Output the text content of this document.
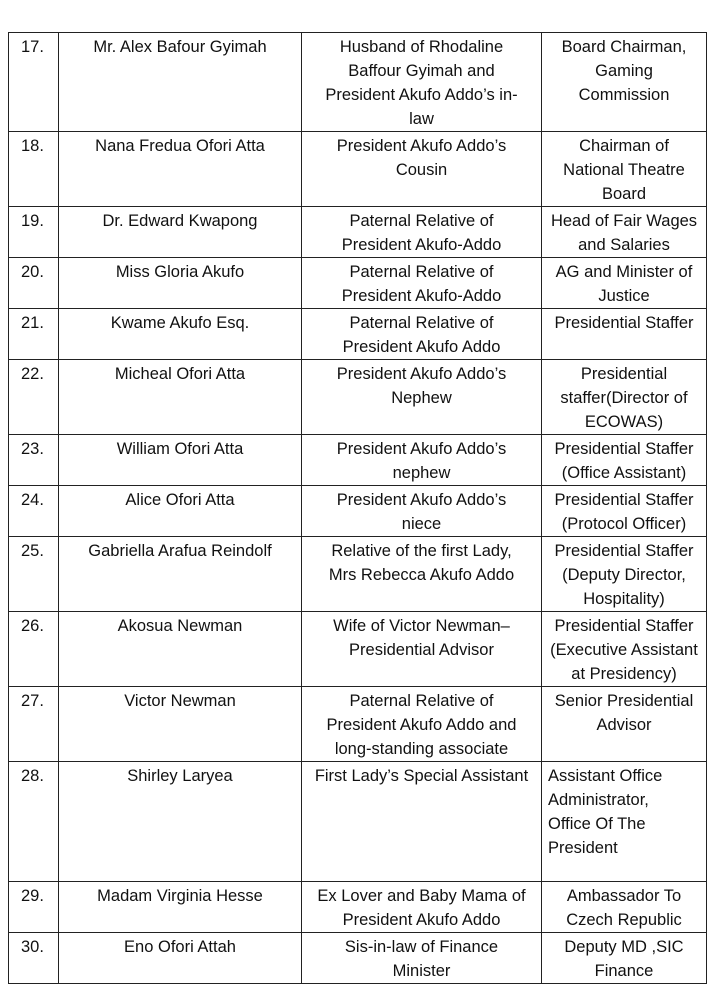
17.	Mr. Alex Bafour Gyimah	Husband of Rhodaline
Baffour Gyimah and
President Akufo Addo’s in-
law	Board Chairman,
Gaming
Commission
18.	Nana Fredua Ofori Atta	President Akufo Addo’s
Cousin	Chairman of
National Theatre
Board
19.	Dr. Edward Kwapong	Paternal Relative of
President Akufo-Addo	Head of Fair Wages
and Salaries
20.	Miss Gloria Akufo	Paternal Relative of
President Akufo-Addo	AG and Minister of
Justice
21.	Kwame Akufo Esq.	Paternal Relative of
President Akufo Addo	Presidential Staffer
22.	Micheal Ofori Atta	President Akufo Addo’s
Nephew	Presidential
staffer(Director of
ECOWAS)
23.	William Ofori Atta	President Akufo Addo’s
nephew	Presidential Staffer
(Office Assistant)
24.	Alice Ofori Atta	President Akufo Addo’s
niece	Presidential Staffer
(Protocol Officer)
25.	Gabriella Arafua Reindolf	Relative of the first Lady,
Mrs Rebecca Akufo Addo	Presidential Staffer
(Deputy Director,
Hospitality)
26.	Akosua Newman	Wife of Victor Newman–
Presidential Advisor	Presidential Staffer
(Executive Assistant
at Presidency)
27.	Victor Newman	Paternal Relative of
President Akufo Addo and
long-standing associate	Senior Presidential
Advisor
28.	Shirley Laryea	First Lady’s Special Assistant	Assistant Office
Administrator,
Office Of The
President
29.	Madam Virginia Hesse	Ex Lover and Baby Mama of
President Akufo Addo	Ambassador To
Czech Republic
30.	Eno Ofori Attah	Sis-in-law of Finance
Minister	Deputy MD ,SIC
Finance
